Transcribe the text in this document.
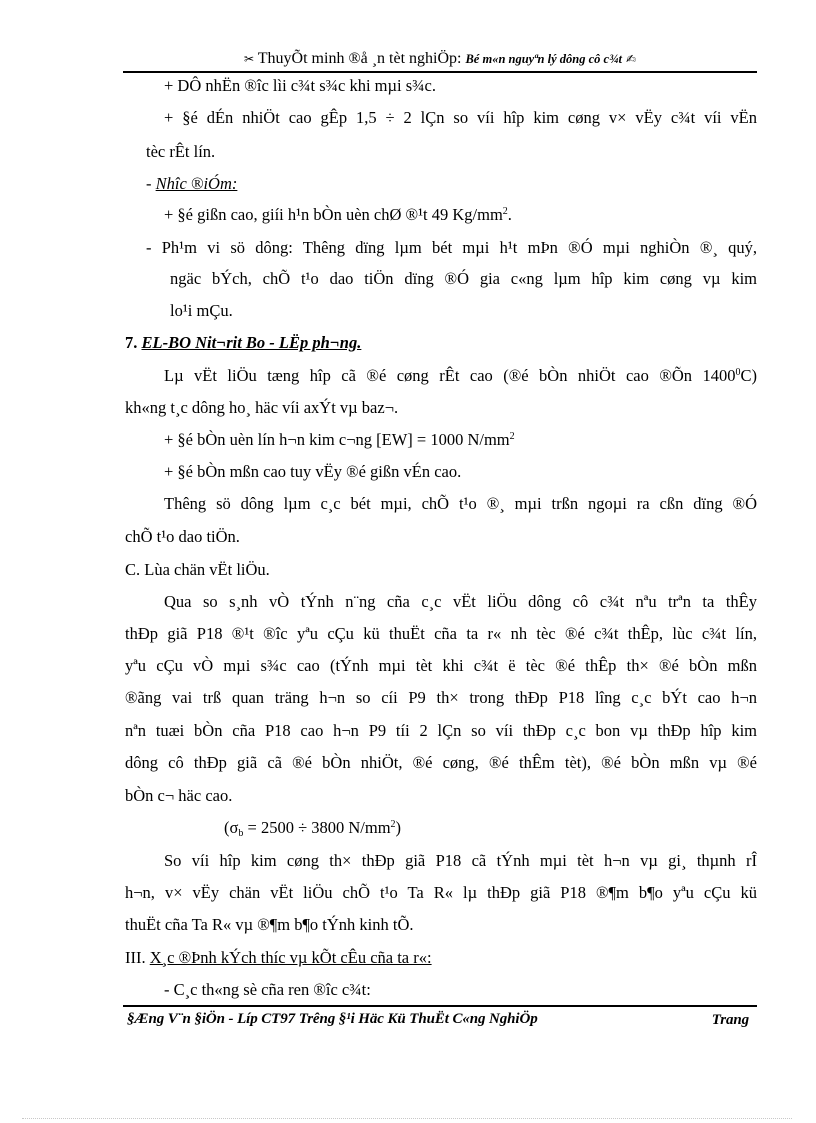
✂ ThuyÕt minh ®å ¸n tèt nghiÖp: Bé m«n nguyªn lý dông cô c¾t ✍
+ DÔ nhËn ®îc lìi c¾t s¾c khi mµi s¾c.
+ §é dÉn nhiÖt cao gÊp 1,5 ÷ 2 lÇn so víi hîp kim cøng v× vËy c¾t víi vËn
tèc rÊt lín.
- Nhîc ®iÓm:
+ §é gißn cao, giíi h¹n bÒn uèn chØ ®¹t 49 $Kg/mm^2$.
- Ph¹m vi sö dông: Thêng dïng lµm bét mµi h¹t mÞn ®Ó mµi nghiÒn ®¸ quý,
ngäc bÝch, chÕ t¹o dao tiÖn dïng ®Ó gia c«ng lµm hîp kim cøng vµ kim
lo¹i mÇu.
7. EL-BO Nit¬rit Bo - LËp ph¬ng.
Lµ vËt liÖu tæng hîp cã ®é cøng rÊt cao (®é bÒn nhiÖt cao ®Õn 1400$^0$C)
kh«ng t¸c dông ho¸ häc víi axÝt vµ baz¬.
+ §é bÒn uèn lín h¬n kim c¬ng [EW] = 1000 $N/mm^2$
+ §é bÒn mßn cao tuy vËy ®é gißn vÉn cao.
Thêng sö dông lµm c¸c bét mµi, chÕ t¹o ®¸ mµi trßn ngoµi ra cßn dïng ®Ó
chÕ t¹o dao tiÖn.
C. Lùa chän vËt liÖu.
Qua so s¸nh vÒ tÝnh n¨ng cña c¸c vËt liÖu dông cô c¾t nªu trªn ta thÊy
thÐp giã P18 ®¹t ®îc yªu cÇu kü thuËt cña ta r« nh tèc ®é c¾t thÊp, lùc c¾t lín,
yªu cÇu vÒ mµi s¾c cao (tÝnh mµi tèt khi c¾t ë tèc ®é thÊp th× ®é bÒn mßn
®ãng vai trß quan träng h¬n so cíi P9 th× trong thÐp P18 lîng c¸c bÝt cao h¬n
nªn tuæi bÒn cña P18 cao h¬n P9 tíi 2 lÇn so víi thÐp c¸c bon vµ thÐp hîp kim
dông cô thÐp giã cã ®é bÒn nhiÖt, ®é cøng, ®é thÊm tèt), ®é bÒn mßn vµ ®é
bÒn c¬ häc cao.
($\sigma_b = 2500 \div 3800$ $N/mm^2$)
So víi hîp kim cøng th× thÐp giã P18 cã tÝnh mµi tèt h¬n vµ gi¸ thµnh rÎ
h¬n, v× vËy chän vËt liÖu chÕ t¹o Ta R« lµ thÐp giã P18 ®¶m b¶o yªu cÇu kü
thuËt cña Ta R« vµ ®¶m b¶o tÝnh kinh tÕ.
III. X¸c ®Þnh kÝch thíc vµ kÕt cÊu cña ta r«:
- C¸c th«ng sè cña ren ®îc c¾t:
§Æng V¨n §iÖn - Líp CT97 Trêng §¹i Häc Kü ThuËt C«ng NghiÖp	Trang
